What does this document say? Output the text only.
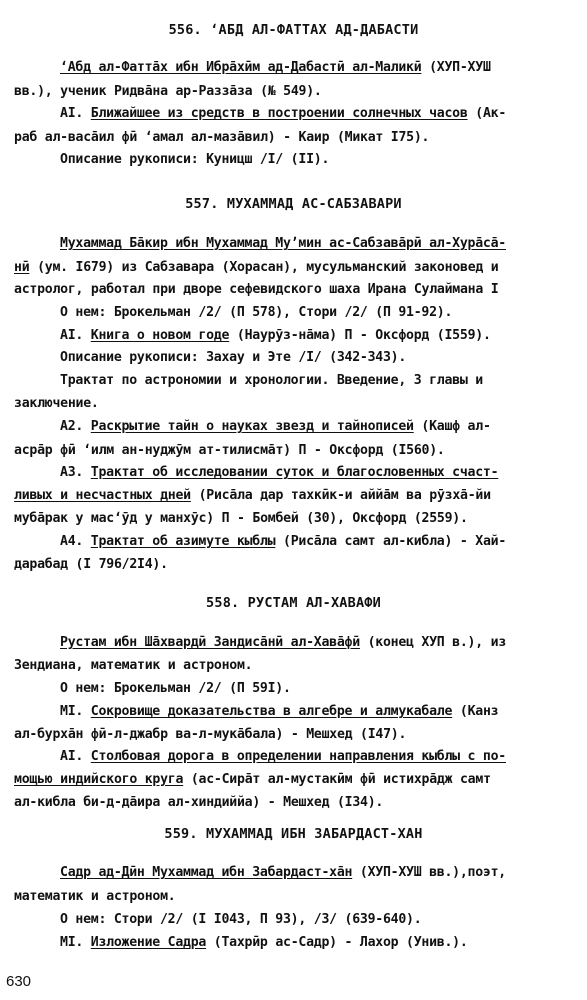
556. ʻАБД АЛ-ФАТТАХ АД-ДАБАСТИ
ʻАбд ал-Фаттāх ибн Ибрāхӣм ад-Дабастӣ ал-Маликӣ (ХУП-ХУШ
вв.), ученик Ридвāна ар-Раззāза (№ 549).
АI. Ближайшее из средств в построении солнечных часов (Ак-
раб ал-васāил фӣ ʻамал ал-мазāвил) - Каир (Микат I75).
Описание рукописи: Куницш /I/ (II).
557. МУХАММАД АС-САБЗАВАРИ
Мухаммад Бāкир ибн Мухаммад Муʼмин ас-Сабзавāрӣ ал-Хурāсā-
нӣ (ум. I679) из Сабзавара (Хорасан), мусульманский законовед и
астролог, работал при дворе сефевидского шаха Ирана Сулаймана I
О нем: Брокельман /2/ (П 578), Стори /2/ (П 91-92).
АI. Книга о новом годе (Наурӯз-нāма) П - Оксфорд (I559).
Описание рукописи: Захау и Эте /I/ (342-343).
Трактат по астрономии и хронологии. Введение, 3 главы и
заключение.
А2. Раскрытие тайн о науках звезд и тайнописей (Кашф ал-
асрāр фӣ ʻилм ан-нуджӯм ат-тилисмāт) П - Оксфорд (I560).
А3. Трактат об исследовании суток и благословенных счаст-
ливых и несчастных дней (Рисāла дар тахкӣк-и аййāм ва рӯзхā-йи
мубāрак у масʻӯд у манхӯс) П - Бомбей (30), Оксфорд (2559).
А4. Трактат об азимуте кыблы (Рисāла самт ал-кибла) - Хай-
дарабад (I 796/2I4).
558. РУСТАМ АЛ-ХАВАФИ
Рустам ибн Шāхвардӣ Зандисāнӣ ал-Хавāфӣ (конец ХУП в.), из
Зендиана, математик и астроном.
О нем: Брокельман /2/ (П 59I).
МI. Сокровище доказательства в алгебре и алмукабале (Канз
ал-бурхāн фӣ-л-джабр ва-л-мукāбала) - Мешхед (I47).
АI. Столбовая дорога в определении направления кыблы с по-
мощью индийского круга (ас-Сирāт ал-мустакӣм фӣ истихрāдж самт
ал-кибла би-д-дāира ал-хиндиййа) - Мешхед (I34).
559. МУХАММАД ИБН ЗАБАРДАСТ-ХАН
Садр ад-Дӣн Мухаммад ибн Забардаст-хāн (ХУП-ХУШ вв.),поэт,
математик и астроном.
О нем: Стори /2/ (I I043, П 93), /3/ (639-640).
МI. Изложение Садра (Тахрӣр ас-Садр) - Лахор (Унив.).
630
